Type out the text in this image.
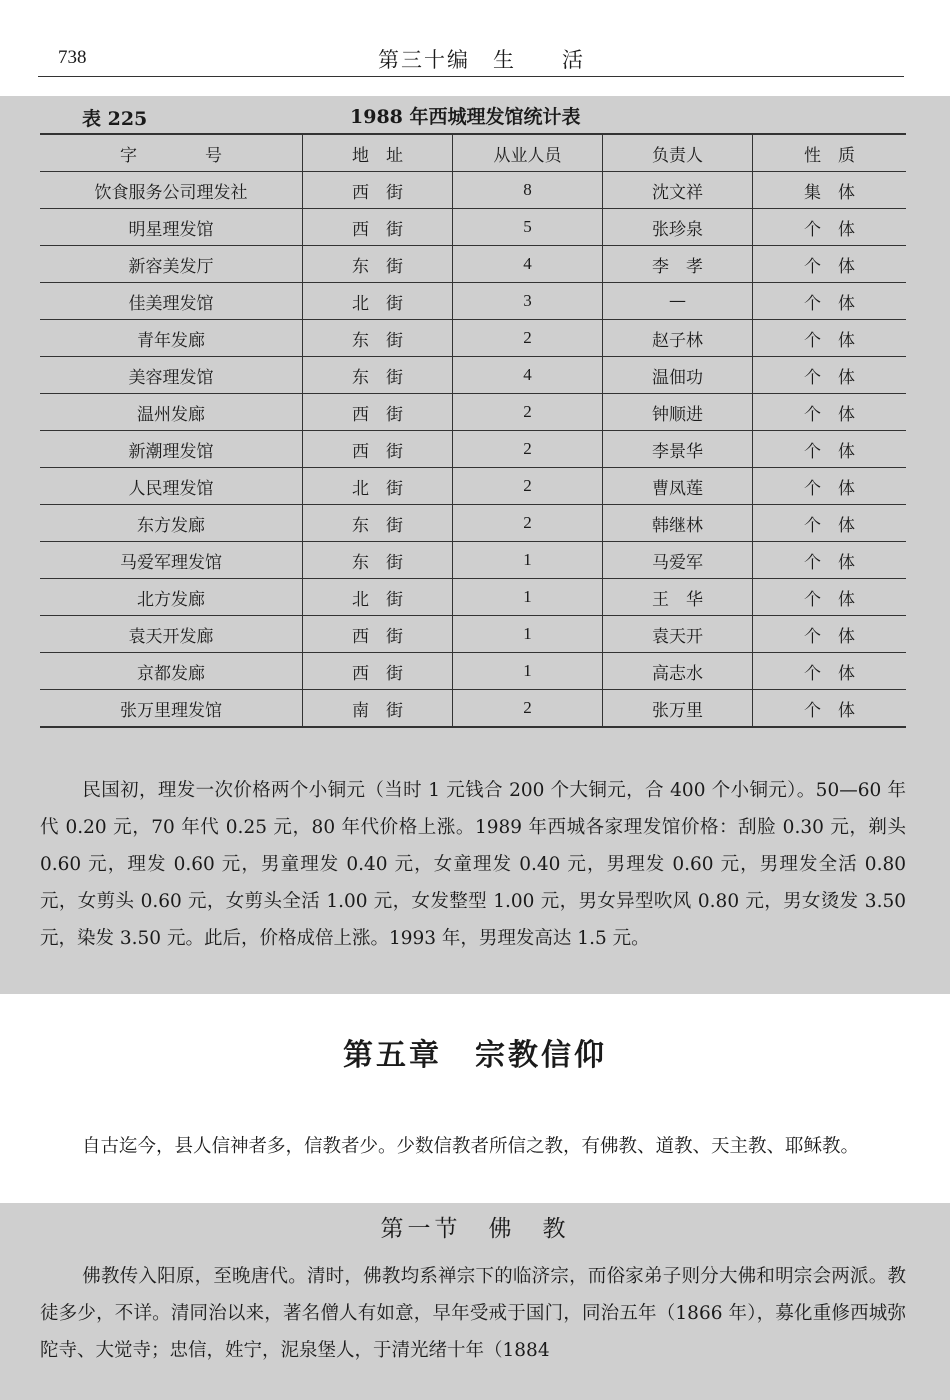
738	第三十编　生　　活
表 225	1988 年西城理发馆统计表
字　　　　号	地　址	从业人员	负责人	性　质
饮食服务公司理发社	西　街	8	沈文祥	集　体
明星理发馆	西　街	5	张珍泉	个　体
新容美发厅	东　街	4	李　孝	个　体
佳美理发馆	北　街	3	—	个　体
青年发廊	东　街	2	赵子林	个　体
美容理发馆	东　街	4	温佃功	个　体
温州发廊	西　街	2	钟顺进	个　体
新潮理发馆	西　街	2	李景华	个　体
人民理发馆	北　街	2	曹凤莲	个　体
东方发廊	东　街	2	韩继林	个　体
马爱军理发馆	东　街	1	马爱军	个　体
北方发廊	北　街	1	王　华	个　体
袁天开发廊	西　街	1	袁天开	个　体
京都发廊	西　街	1	高志水	个　体
张万里理发馆	南　街	2	张万里	个　体

民国初，理发一次价格两个小铜元（当时 1 元钱合 200 个大铜元，合 400 个小铜元）。50—60 年代 0.20 元，70 年代 0.25 元，80 年代价格上涨。1989 年西城各家理发馆价格：刮脸 0.30 元，剃头 0.60 元，理发 0.60 元，男童理发 0.40 元，女童理发 0.40 元，男理发 0.60 元，男理发全活 0.80 元，女剪头 0.60 元，女剪头全活 1.00 元，女发整型 1.00 元，男女异型吹风 0.80 元，男女烫发 3.50 元，染发 3.50 元。此后，价格成倍上涨。1993 年，男理发高达 1.5 元。

第五章　宗教信仰

自古迄今，县人信神者多，信教者少。少数信教者所信之教，有佛教、道教、天主教、耶稣教。

第一节　佛　教

佛教传入阳原，至晚唐代。清时，佛教均系禅宗下的临济宗，而俗家弟子则分大佛和明宗会两派。教徒多少，不详。清同治以来，著名僧人有如意，早年受戒于国门，同治五年（1866 年），募化重修西城弥陀寺、大觉寺；忠信，姓宁，泥泉堡人，于清光绪十年（1884
